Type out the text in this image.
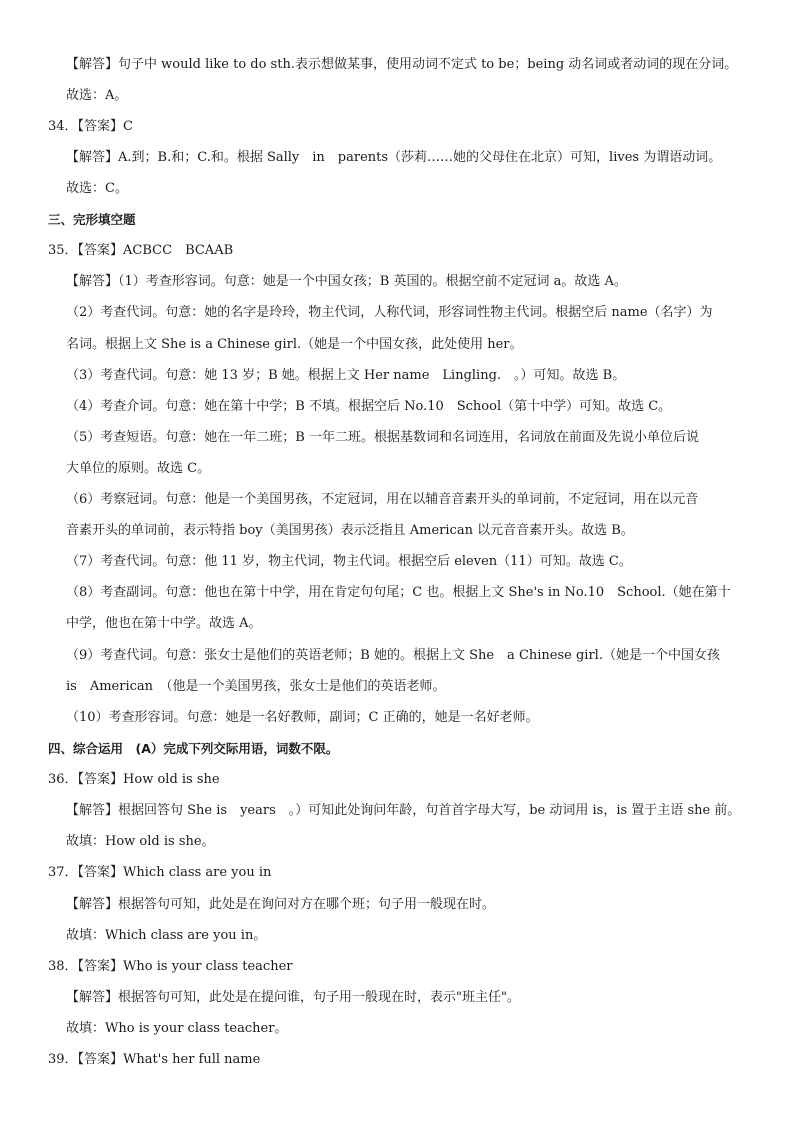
【解答】句子中 would like to do sth.表示想做某事，使用动词不定式 to be；being 动名词或者动词的现在分词。
故选：A。
34．【答案】C
【解答】A.到；B.和；C.和。根据 Sally　in　parents（莎莉……她的父母住在北京）可知，lives 为谓语动词。
故选：C。
三、完形填空题
35．【答案】ACBCC　BCAAB
【解答】（1）考查形容词。句意：她是一个中国女孩；B 英国的。根据空前不定冠词 a。故选 A。
（2）考查代词。句意：她的名字是玲玲，物主代词，人称代词，形容词性物主代词。根据空后 name（名字）为
名词。根据上文 She is a Chinese girl.（她是一个中国女孩，此处使用 her。
（3）考查代词。句意：她 13 岁；B 她。根据上文 Her name　Lingling.　。）可知。故选 B。
（4）考查介词。句意：她在第十中学；B 不填。根据空后 No.10　School（第十中学）可知。故选 C。
（5）考查短语。句意：她在一年二班；B 一年二班。根据基数词和名词连用，名词放在前面及先说小单位后说
大单位的原则。故选 C。
（6）考察冠词。句意：他是一个美国男孩，不定冠词，用在以辅音音素开头的单词前，不定冠词，用在以元音
音素开头的单词前，表示特指 boy（美国男孩）表示泛指且 American 以元音音素开头。故选 B。
（7）考查代词。句意：他 11 岁，物主代词，物主代词。根据空后 eleven（11）可知。故选 C。
（8）考查副词。句意：他也在第十中学，用在肯定句句尾；C 也。根据上文 She's in No.10　School.（她在第十
中学，他也在第十中学。故选 A。
（9）考查代词。句意：张女士是他们的英语老师；B 她的。根据上文 She　a Chinese girl.（她是一个中国女孩
is　American　（他是一个美国男孩，张女士是他们的英语老师。
（10）考查形容词。句意：她是一名好教师，副词；C 正确的，她是一名好老师。
四、综合运用　(A）完成下列交际用语，词数不限。
36．【答案】How old is she
【解答】根据回答句 She is　years　。）可知此处询问年龄，句首首字母大写，be 动词用 is，is 置于主语 she 前。
故填：How old is she。
37．【答案】Which class are you in
【解答】根据答句可知，此处是在询问对方在哪个班；句子用一般现在时。
故填：Which class are you in。
38．【答案】Who is your class teacher
【解答】根据答句可知，此处是在提问谁，句子用一般现在时，表示"班主任"。
故填：Who is your class teacher。
39．【答案】What's her full name
